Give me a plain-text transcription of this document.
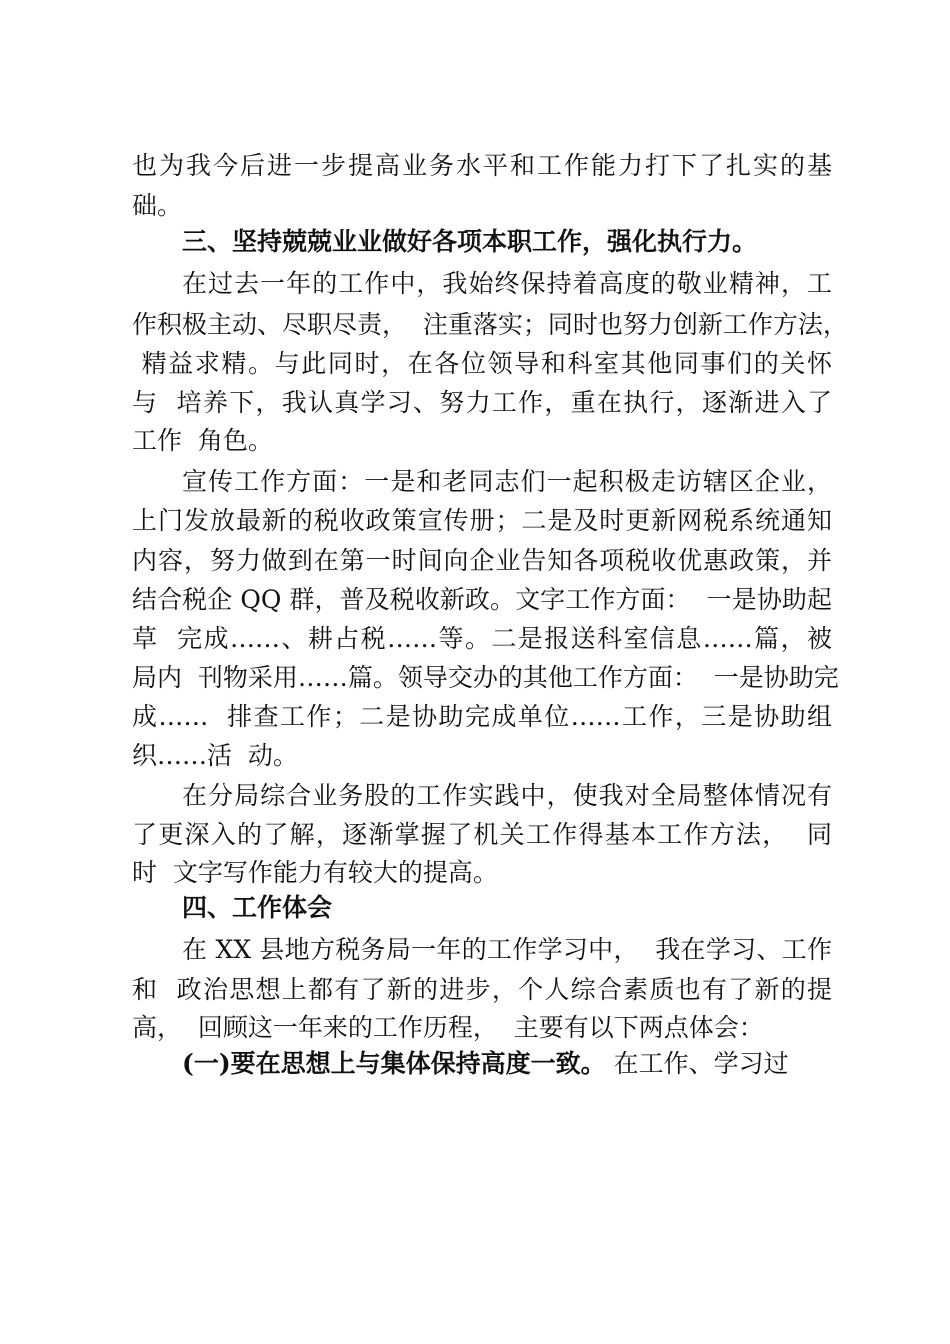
也为我今后进一步提高业务水平和工作能力打下了扎实的基
础。
三、坚持兢兢业业做好各项本职工作，强化执行力。
在过去一年的工作中，我始终保持着高度的敬业精神，工
作积极主动、尽职尽责，  注重落实；同时也努力创新工作方法，
精益求精。与此同时，在各位领导和科室其他同事们的关怀
与  培养下，我认真学习、努力工作，重在执行，逐渐进入了
工作  角色。
宣传工作方面：一是和老同志们一起积极走访辖区企业，
上门发放最新的税收政策宣传册；二是及时更新网税系统通知
内容，努力做到在第一时间向企业告知各项税收优惠政策，并
结合税企 QQ 群，普及税收新政。文字工作方面：  一是协助起
草  完成……、耕占税……等。二是报送科室信息……篇，被
局内  刊物采用……篇。领导交办的其他工作方面：  一是协助完
成……  排查工作；二是协助完成单位……工作，三是协助组
织……活  动。
在分局综合业务股的工作实践中，使我对全局整体情况有
了更深入的了解，逐渐掌握了机关工作得基本工作方法，  同
时  文字写作能力有较大的提高。
四、工作体会
在 XX 县地方税务局一年的工作学习中，  我在学习、工作
和  政治思想上都有了新的进步，个人综合素质也有了新的提
高，  回顾这一年来的工作历程，  主要有以下两点体会：
(一)要在思想上与集体保持高度一致。 在工作、学习过
